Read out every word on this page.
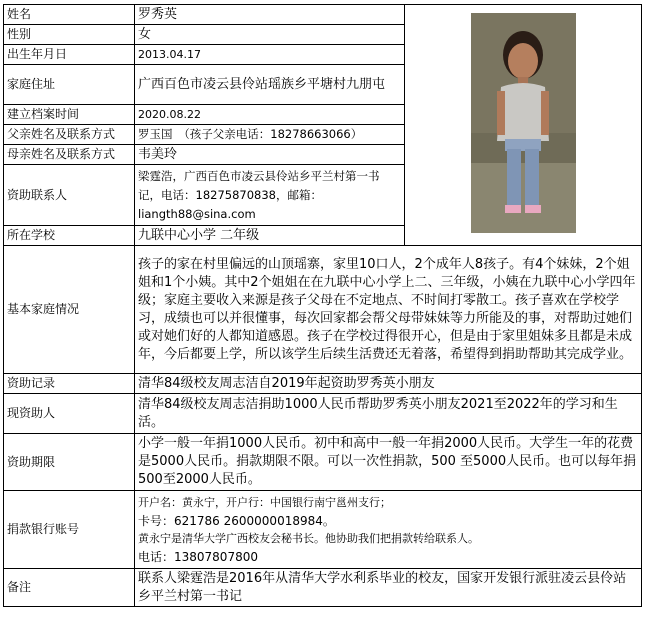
姓名	罗秀英	
性别	女	
出生年月日	2013.04.17	
家庭住址	广西百色市凌云县伶站瑶族乡平塘村九朋屯	
建立档案时间	2020.08.22	
父亲姓名及联系方式	罗玉国　（孩子父亲电话：18278663066）	
母亲姓名及联系方式	韦美玲	
资助联系人	梁霆浩，广西百色市凌云县伶站乡平兰村第一书记，电话：18275870838，邮箱：liangth88@sina.com	
所在学校	九联中心小学 二年级	
基本家庭情况	孩子的家在村里偏远的山顶瑶寨，家里10口人，2个成年人8孩子。有4个妹妹，2个姐姐和1个小姨。其中2个姐姐在在九联中心小学上二、三年级，小姨在九联中心小学四年级；家庭主要收入来源是孩子父母在不定地点、不时间打零散工。孩子喜欢在学校学习，成绩也可以并很懂事，每次回家都会帮父母带妹妹等力所能及的事，对帮助过她们或对她们好的人都知道感恩。孩子在学校过得很开心，但是由于家里姐妹多且都是未成年，今后都要上学，所以该学生后续生活费还无着落，希望得到捐助帮助其完成学业。	
资助记录	清华84级校友周志洁自2019年起资助罗秀英小朋友	
现资助人	清华84级校友周志洁捐助1000人民币帮助罗秀英小朋友2021至2022年的学习和生活。	
资助期限	小学一般一年捐1000人民币。初中和高中一般一年捐2000人民币。大学生一年的花费是5000人民币。捐款期限不限。可以一次性捐款，500 至5000人民币。也可以每年捐500至2000人民币。	
捐款银行账号	开户名：黄永宁，开户行：中国银行南宁邕州支行；
卡号：621786 2600000018984。
黄永宁是清华大学广西校友会秘书长。他协助我们把捐款转给联系人。
电话：13807807800	

备注	联系人梁霆浩是2016年从清华大学水利系毕业的校友，国家开发银行派驻凌云县伶站乡平兰村第一书记	
